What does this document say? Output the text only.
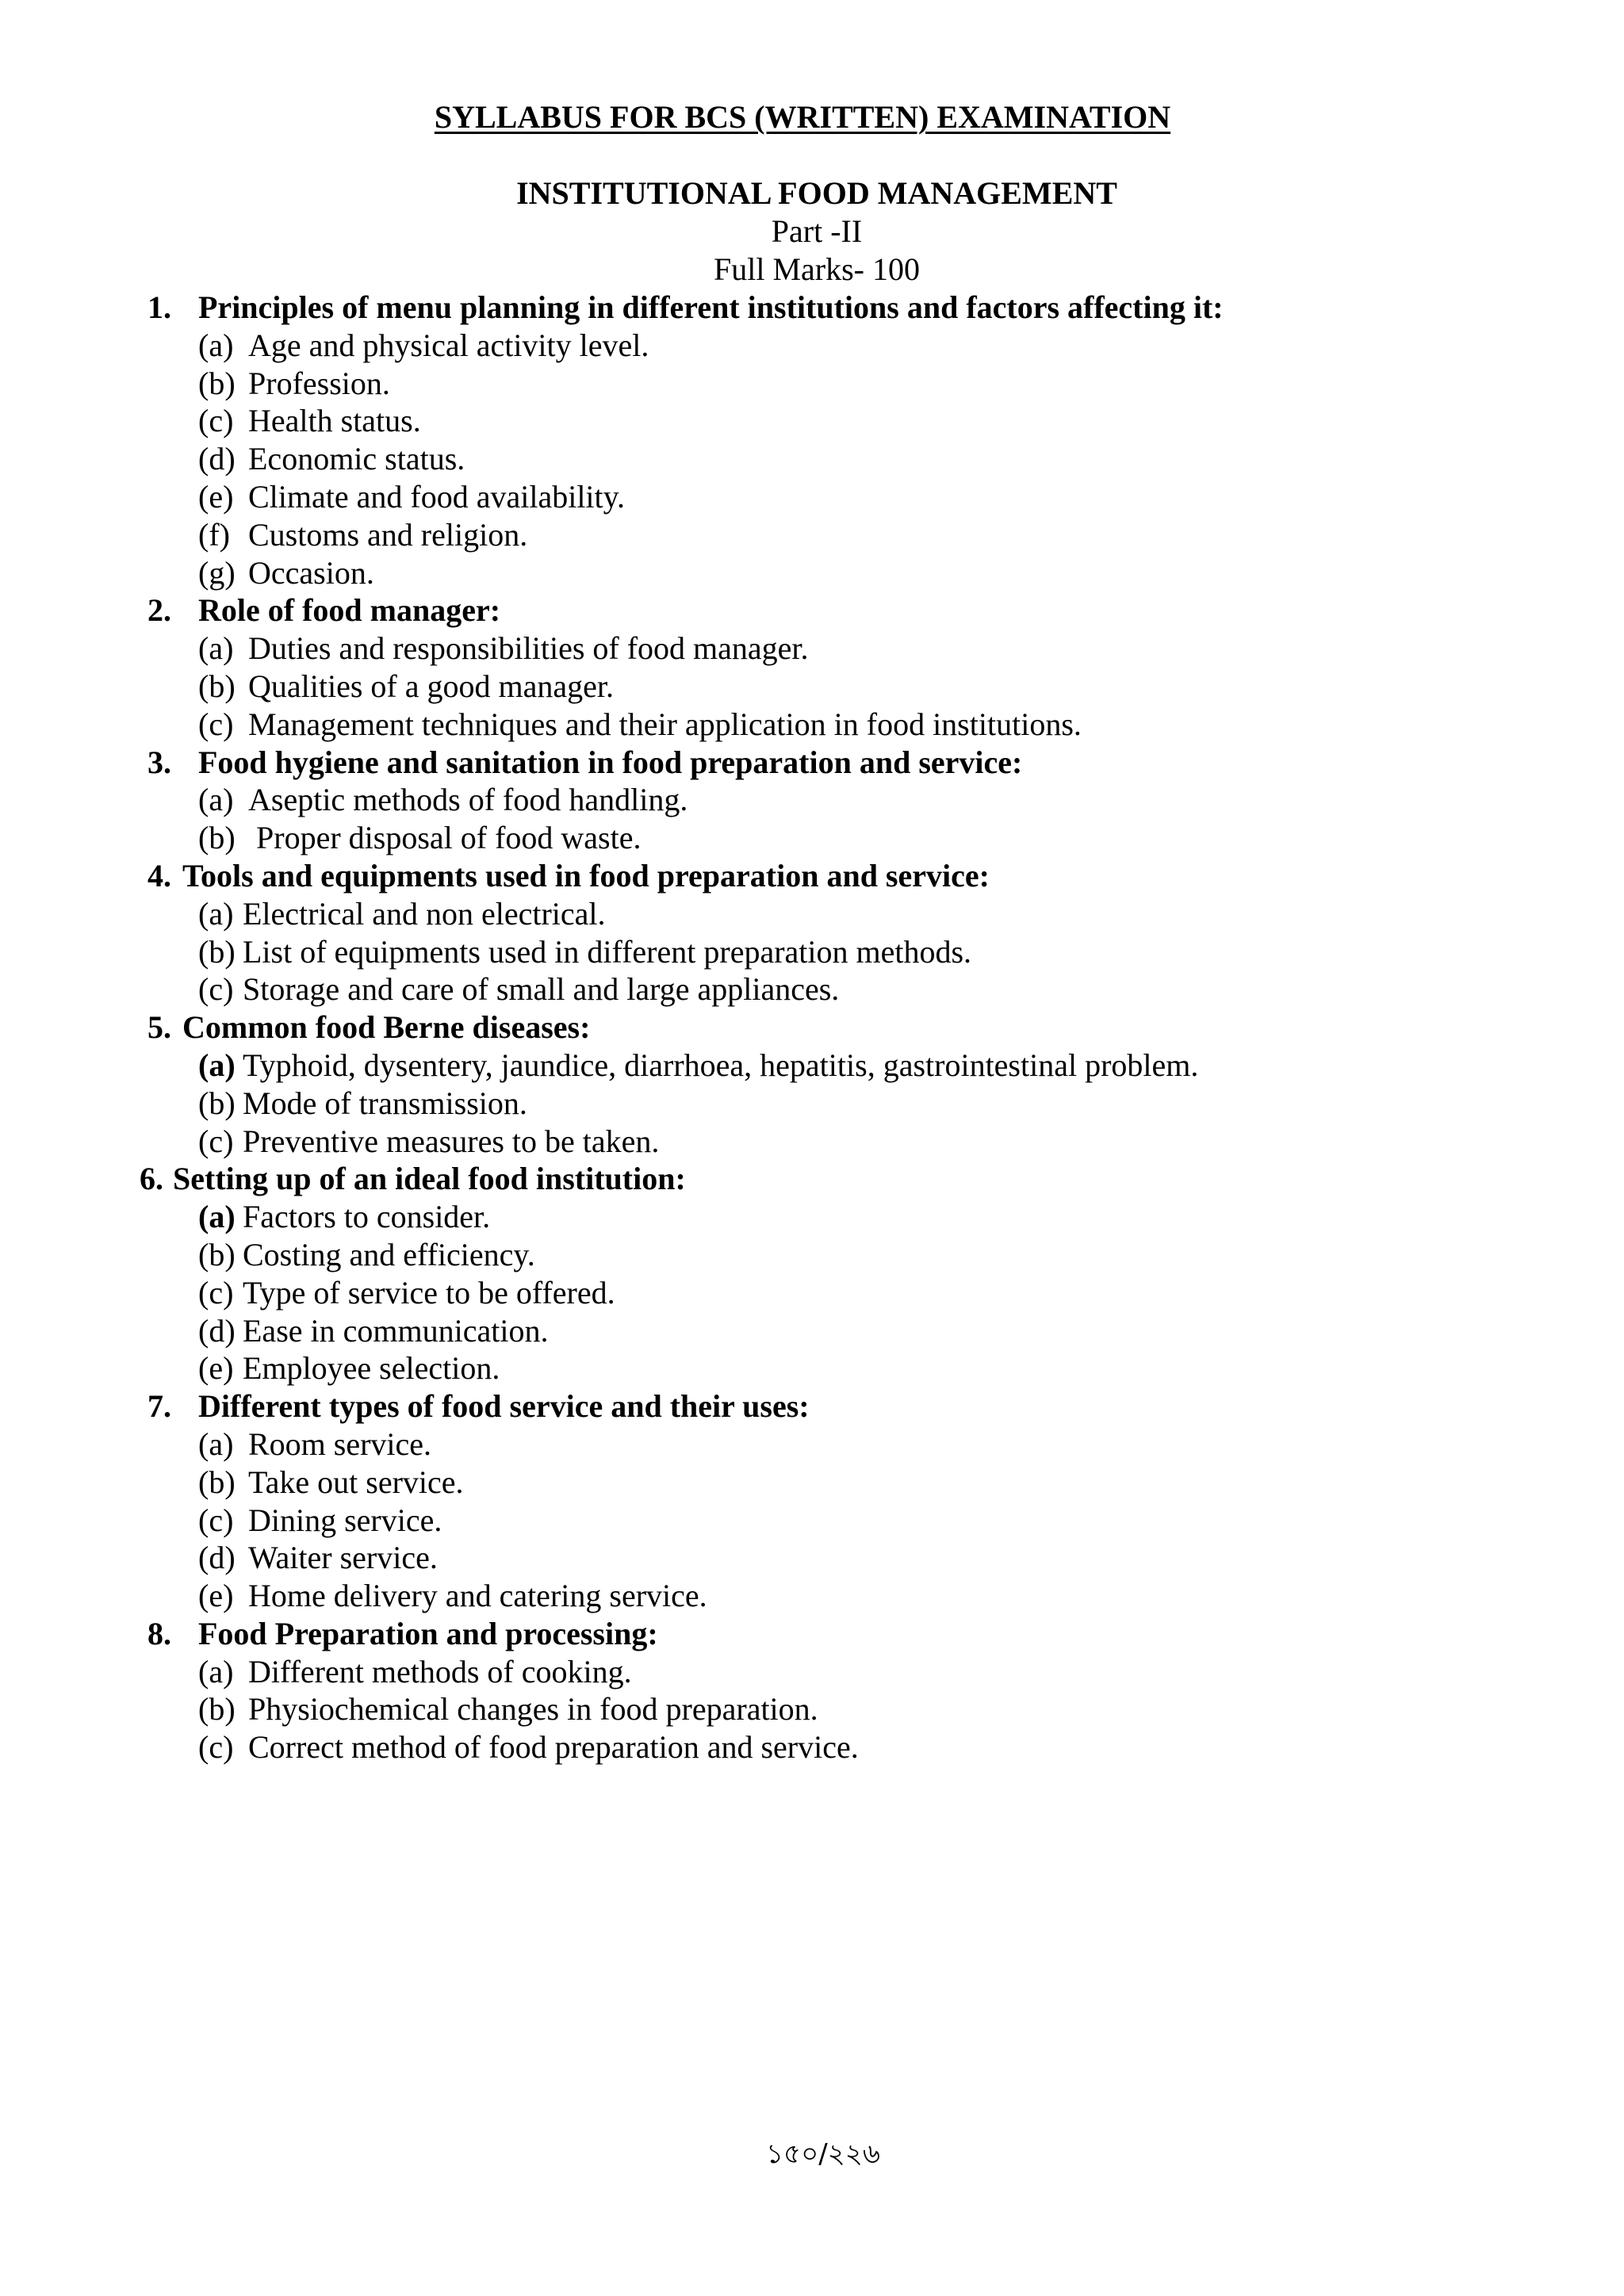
SYLLABUS FOR BCS (WRITTEN) EXAMINATION
INSTITUTIONAL FOOD MANAGEMENT
Part -II
Full Marks- 100
1. Principles of menu planning in different institutions and factors affecting it:
(a) Age and physical activity level.
(b) Profession.
(c) Health status.
(d) Economic status.
(e) Climate and food availability.
(f) Customs and religion.
(g) Occasion.
2. Role of food manager:
(a) Duties and responsibilities of food manager.
(b) Qualities of a good manager.
(c) Management techniques and their application in food institutions.
3. Food hygiene and sanitation in food preparation and service:
(a) Aseptic methods of food handling.
(b) Proper disposal of food waste.
4. Tools and equipments used in food preparation and service:
(a) Electrical and non electrical.
(b) List of equipments used in different preparation methods.
(c) Storage and care of small and large appliances.
5. Common food Berne diseases:
(a) Typhoid, dysentery, jaundice, diarrhoea, hepatitis, gastrointestinal problem.
(b) Mode of transmission.
(c) Preventive measures to be taken.
6. Setting up of an ideal food institution:
(a) Factors to consider.
(b) Costing and efficiency.
(c) Type of service to be offered.
(d) Ease in communication.
(e) Employee selection.
7. Different types of food service and their uses:
(a) Room service.
(b) Take out service.
(c) Dining service.
(d) Waiter service.
(e) Home delivery and catering service.
8. Food Preparation and processing:
(a) Different methods of cooking.
(b) Physiochemical changes in food preparation.
(c) Correct method of food preparation and service.
১৫০/২২৬
